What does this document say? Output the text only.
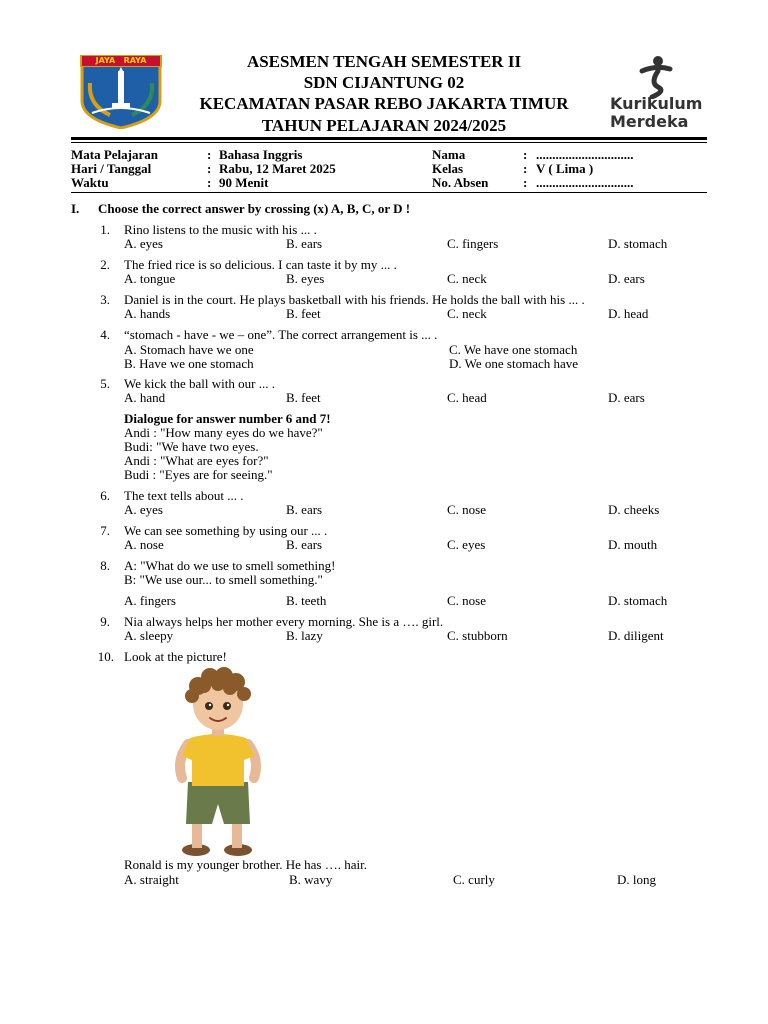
JAYA   RAYA	ASESMEN TENGAH SEMESTER II
SDN CIJANTUNG 02
KECAMATAN PASAR REBO JAKARTA TIMUR
TAHUN PELAJARAN 2024/2025
Kurikulum
Merdeka
Mata Pelajaran	: Bahasa Inggris
Hari / Tanggal	: Rabu, 12 Maret 2025
Waktu	: 90 Menit
Nama	: ..............................
Kelas	: V ( Lima )
No. Absen	: ..............................
I. Choose the correct answer by crossing (x) A, B, C, or D !
1. Rino listens to the music with his ... .
A. eyes	B. ears	C. fingers	D. stomach
2. The fried rice is so delicious. I can taste it by my ... .
A. tongue	B. eyes	C. neck	D. ears
3. Daniel is in the court. He plays basketball with his friends. He holds the ball with his ... .
A. hands	B. feet	C. neck	D. head
4. “stomach - have - we – one”. The correct arrangement is ... .
A. Stomach have we one
B. Have we one stomach
C. We have one stomach
D. We one stomach have
5. We kick the ball with our ... .
A. hand	B. feet	C. head	D. ears
Dialogue for answer number 6 and 7!
Andi : "How many eyes do we have?"
Budi: "We have two eyes.
Andi : "What are eyes for?"
Budi : "Eyes are for seeing."
6. The text tells about ... .
A. eyes	B. ears	C. nose	D. cheeks
7. We can see something by using our ... .
A. nose	B. ears	C. eyes	D. mouth
8. A: "What do we use to smell something!
B: "We use our... to smell something."
A. fingers	B. teeth	C. nose	D. stomach
9. Nia always helps her mother every morning. She is a …. girl.
A. sleepy	B. lazy	C. stubborn	D. diligent
10. Look at the picture!
Ronald is my younger brother. He has …. hair.
A. straight	B. wavy	C. curly	D. long
